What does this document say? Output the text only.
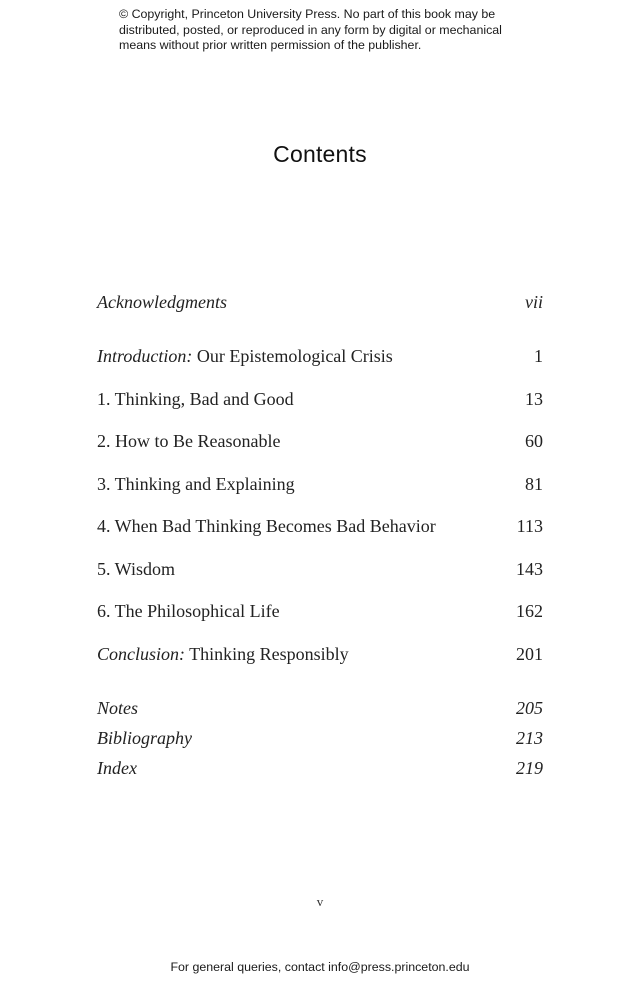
© Copyright, Princeton University Press. No part of this book may be
distributed, posted, or reproduced in any form by digital or mechanical
means without prior written permission of the publisher.
Contents
Acknowledgments	vii
Introduction: Our Epistemological Crisis	1
1. Thinking, Bad and Good	13
2. How to Be Reasonable	60
3. Thinking and Explaining	81
4. When Bad Thinking Becomes Bad Behavior	113
5. Wisdom	143
6. The Philosophical Life	162
Conclusion: Thinking Responsibly	201
Notes	205
Bibliography	213
Index	219
v
For general queries, contact info@press.princeton.edu
